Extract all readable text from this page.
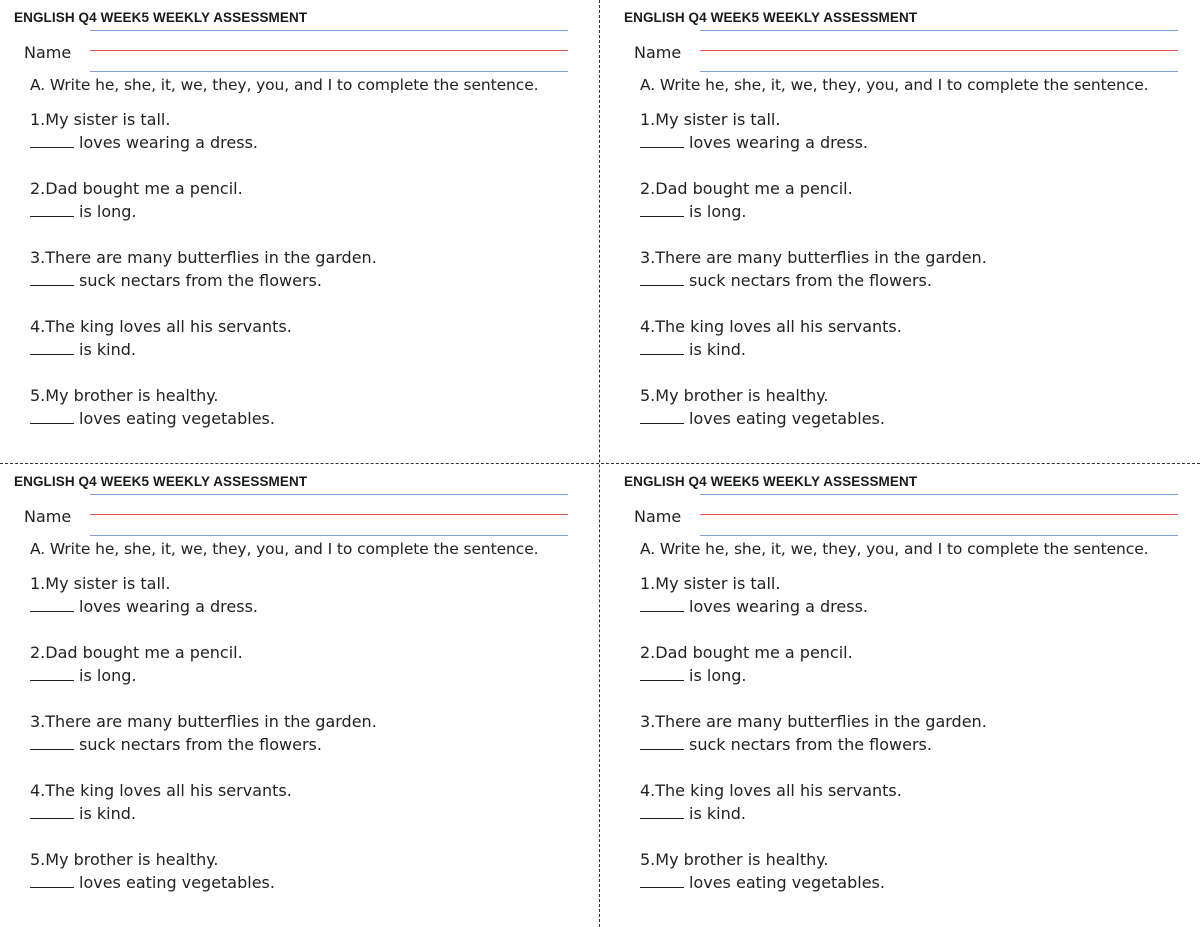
ENGLISH Q4 WEEK5 WEEKLY ASSESSMENT
Name
A. Write he, she, it, we, they, you, and I to complete the sentence.
1.My sister is tall.
loves wearing a dress.
2.Dad bought me a pencil.
is long.
3.There are many butterflies in the garden.
suck nectars from the flowers.
4.The king loves all his servants.
is kind.
5.My brother is healthy.
loves eating vegetables.
ENGLISH Q4 WEEK5 WEEKLY ASSESSMENT
Name
A. Write he, she, it, we, they, you, and I to complete the sentence.
1.My sister is tall.
loves wearing a dress.
2.Dad bought me a pencil.
is long.
3.There are many butterflies in the garden.
suck nectars from the flowers.
4.The king loves all his servants.
is kind.
5.My brother is healthy.
loves eating vegetables.
ENGLISH Q4 WEEK5 WEEKLY ASSESSMENT
Name
A. Write he, she, it, we, they, you, and I to complete the sentence.
1.My sister is tall.
loves wearing a dress.
2.Dad bought me a pencil.
is long.
3.There are many butterflies in the garden.
suck nectars from the flowers.
4.The king loves all his servants.
is kind.
5.My brother is healthy.
loves eating vegetables.
ENGLISH Q4 WEEK5 WEEKLY ASSESSMENT
Name
A. Write he, she, it, we, they, you, and I to complete the sentence.
1.My sister is tall.
loves wearing a dress.
2.Dad bought me a pencil.
is long.
3.There are many butterflies in the garden.
suck nectars from the flowers.
4.The king loves all his servants.
is kind.
5.My brother is healthy.
loves eating vegetables.
